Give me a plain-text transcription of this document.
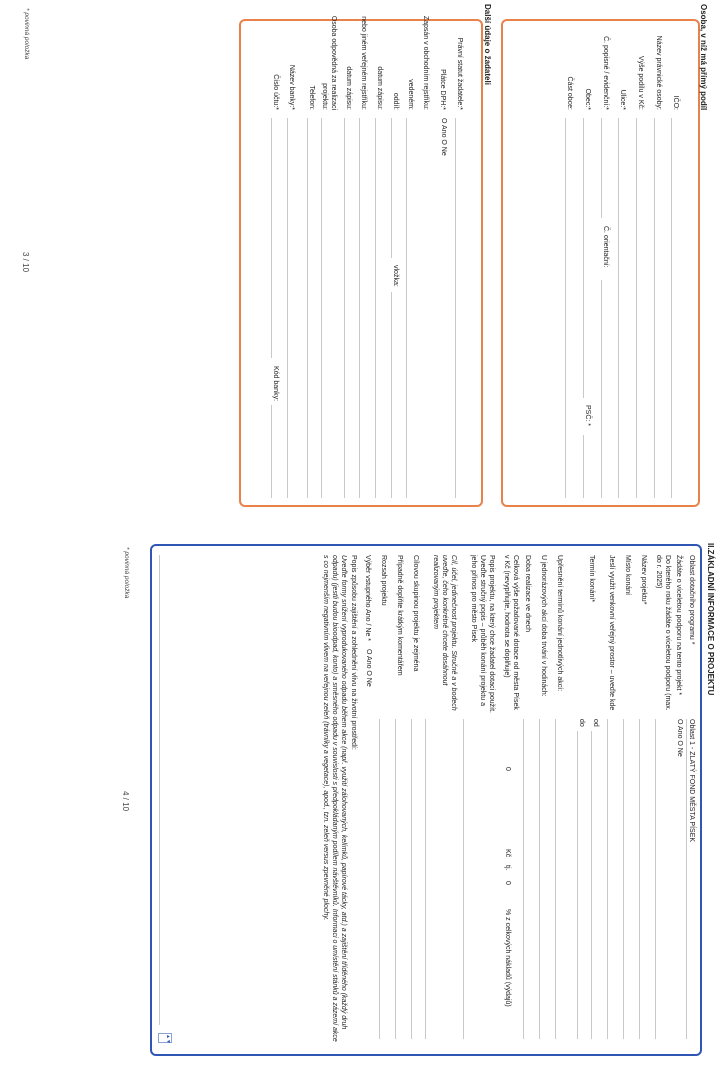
Osoba, v níž má přímý podíl
IČO:
Název právnické osoby:
Výše podílu v Kč:
Ulice:*
Č. popisné / evidenční:*
Č. orientační:
Obec:*
PSČ: *
Část obce:
Další údaje o žadateli
Právní statut žadatele:*
Plátce DPH:*
O Ano O Ne
Zapsán v obchodním rejstříku:
vedeném:
oddíl:
vložka:
datum zápisu:
nebo jiném veřejném rejstříku:
datum zápisu:
Osoba odpovědná za realizaci projektu:
Telefon:
Název banky:*
Číslo účtu:*
Kód banky:
* povinná položka
3 / 10
II.ZÁKLADNÍ INFORMACE O PROJEKTU
Oblast dotačního programu *
Oblast 1 - ZLATÝ FOND MĚSTA PÍSEK
Žádáte o víceletou podporu na tento projekt *
O Ano O Ne
Do kterého roku žádáte o víceletou podporu (max. do r. 2025)
Název projektu*
Místo konání
Jeslí využít venkovní veřejný prostor – uveďte kde
Termín konání*
od
do
Upřesnění termínů konání jednotlivých akcí:
U jednorázových akcí doba trvání v hodinách:
Doba realizace ve dnech
Celková výše požadované dotace od města Písek v Kč (nevyplňujte, hodnota se doplňuje)
0
Kč
tj.
0
% z celkových nákladů (výdajů)
Popis projektu, na který chce žadatel dotaci použít. Uveďte stručný popis – průběh konání projektu a jeho přínos pro město Písek
Cíl, účel, jedinečnost projektu. Stručně a v bodech uveďte, čeho konkrétně chcete dosáhnout realizovaným projektem
Cílovou skupinou projektu je zejména
Případně doplňte krátkým komentářem
Rozsah projektu
Výběr vstupného Ano / Ne *
O Ano O Ne
Popis způsobu zajištění a zohlednění vlivu na životní prostředí:
Uveďte formy snížení vyprodukovaného odpadu během akce (např. využití zálohovaných, kelímků, papírové tácky, atd.) a zajištění tříděného (každý druh odpadu) (jestli budou bioodpad, konto) a směsného odpadu v souvislosti s předpokládaným podílem návštěvníků. Informaci o umístění stánků a zázemí akce s co nejmenším negativním vlivem na veřejnou zeleň (trávníky a vegetace), apod., tzn. zeleň versus zpevněné plochy.
▲▼
* povinná položka
4 / 10
